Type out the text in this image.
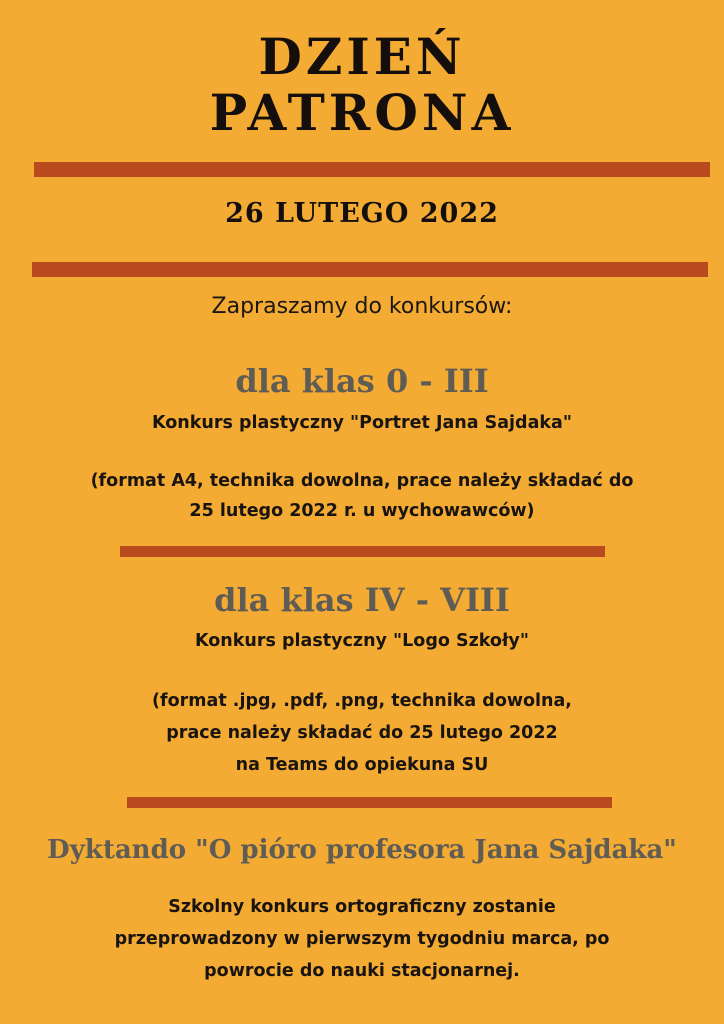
DZIEŃ
PATRONA
26 LUTEGO 2022
Zapraszamy do konkursów:
dla klas 0 - III
Konkurs plastyczny "Portret Jana Sajdaka"
(format A4, technika dowolna, prace należy składać do
25 lutego 2022 r. u wychowawców)
dla klas IV - VIII
Konkurs plastyczny "Logo Szkoły"
(format .jpg, .pdf, .png, technika dowolna,
prace należy składać do 25 lutego 2022
na Teams do opiekuna SU
Dyktando "O pióro profesora Jana Sajdaka"
Szkolny konkurs ortograficzny zostanie
przeprowadzony w pierwszym tygodniu marca, po
powrocie do nauki stacjonarnej.
